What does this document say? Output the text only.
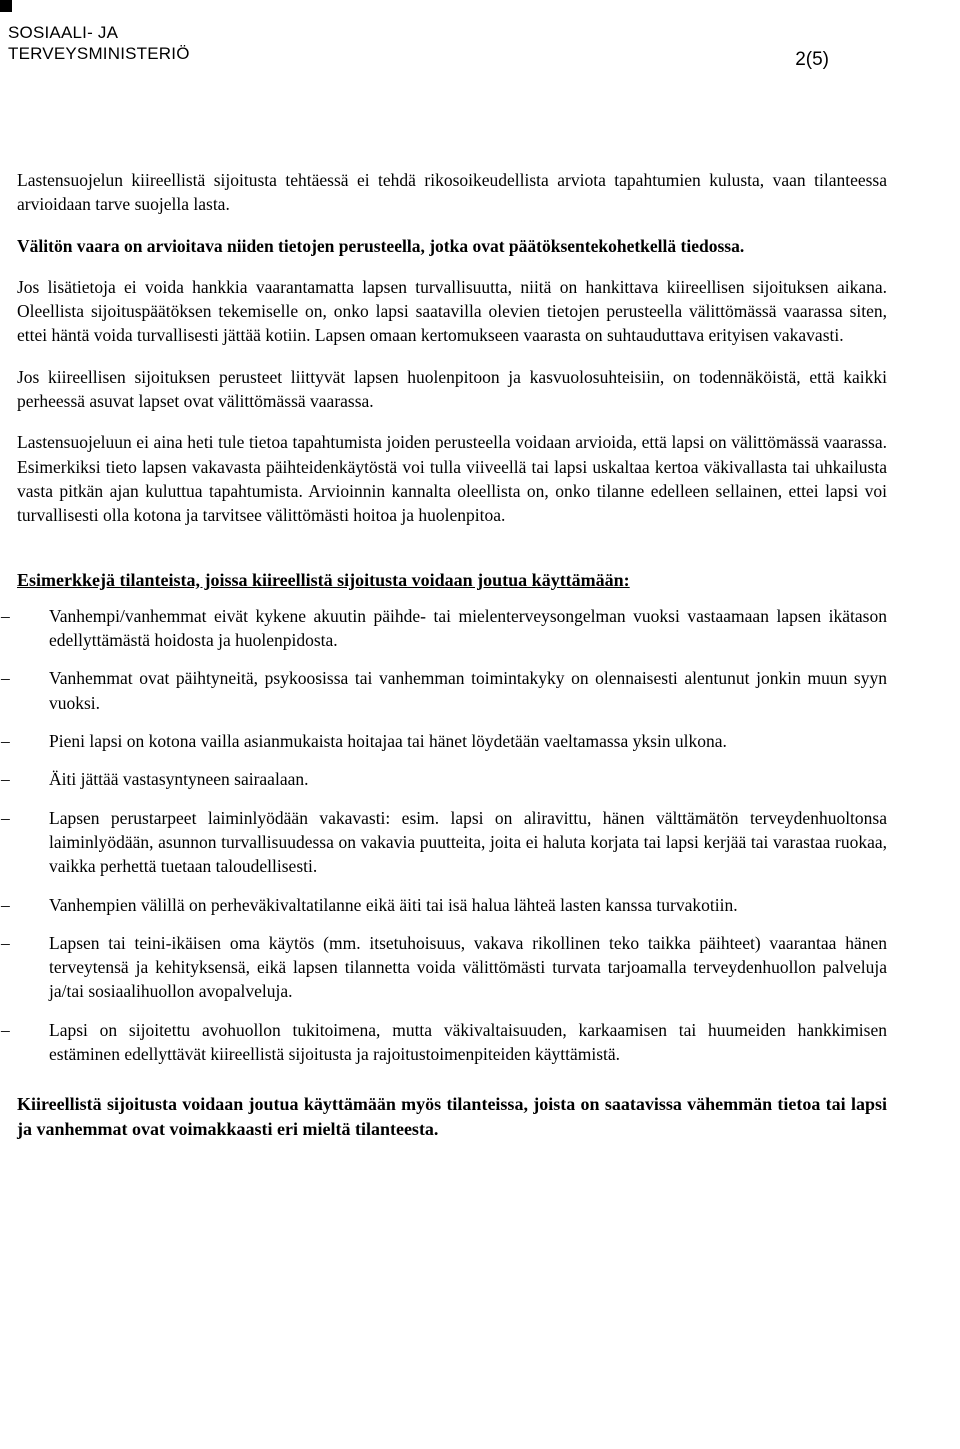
SOSIAALI- JA
TERVEYSMINISTERIÖ	2(5)

Lastensuojelun kiireellistä sijoitusta tehtäessä ei tehdä rikosoikeudellista arviota tapahtumien kulusta, vaan tilanteessa arvioidaan tarve suojella lasta.

Välitön vaara on arvioitava niiden tietojen perusteella, jotka ovat päätöksentekohetkellä tiedossa.

Jos lisätietoja ei voida hankkia vaarantamatta lapsen turvallisuutta, niitä on hankittava kiireellisen sijoituksen aikana. Oleellista sijoituspäätöksen tekemiselle on, onko lapsi saatavilla olevien tietojen perusteella välittömässä vaarassa siten, ettei häntä voida turvallisesti jättää kotiin. Lapsen omaan kertomukseen vaarasta on suhtauduttava erityisen vakavasti.

Jos kiireellisen sijoituksen perusteet liittyvät lapsen huolenpitoon ja kasvuolosuhteisiin, on todennäköistä, että kaikki perheessä asuvat lapset ovat välittömässä vaarassa.

Lastensuojeluun ei aina heti tule tietoa tapahtumista joiden perusteella voidaan arvioida, että lapsi on välittömässä vaarassa. Esimerkiksi tieto lapsen vakavasta päihteidenkäytöstä voi tulla viiveellä tai lapsi uskaltaa kertoa väkivallasta tai uhkailusta vasta pitkän ajan kuluttua tapahtumista. Arvioinnin kannalta oleellista on, onko tilanne edelleen sellainen, ettei lapsi voi turvallisesti olla kotona ja tarvitsee välittömästi hoitoa ja huolenpitoa.

Esimerkkejä tilanteista, joissa kiireellistä sijoitusta voidaan joutua käyttämään:
–	Vanhempi/vanhemmat eivät kykene akuutin päihde- tai mielenterveysongelman vuoksi vastaamaan lapsen ikätason edellyttämästä hoidosta ja huolenpidosta.
–	Vanhemmat ovat päihtyneitä, psykoosissa tai vanhemman toimintakyky on olennaisesti alentunut jonkin muun syyn vuoksi.
–	Pieni lapsi on kotona vailla asianmukaista hoitajaa tai hänet löydetään vaeltamassa yksin ulkona.
–	Äiti jättää vastasyntyneen sairaalaan.
–	Lapsen perustarpeet laiminlyödään vakavasti: esim. lapsi on aliravittu, hänen välttämätön terveydenhuoltonsa laiminlyödään, asunnon turvallisuudessa on vakavia puutteita, joita ei haluta korjata tai lapsi kerjää tai varastaa ruokaa, vaikka perhettä tuetaan taloudellisesti.
–	Vanhempien välillä on perheväkivaltatilanne eikä äiti tai isä halua lähteä lasten kanssa turvakotiin.
–	Lapsen tai teini-ikäisen oma käytös (mm. itsetuhoisuus, vakava rikollinen teko taikka päihteet) vaarantaa hänen terveytensä ja kehityksensä, eikä lapsen tilannetta voida välittömästi turvata tarjoamalla terveydenhuollon palveluja ja/tai sosiaalihuollon avopalveluja.
–	Lapsi on sijoitettu avohuollon tukitoimena, mutta väkivaltaisuuden, karkaamisen tai huumeiden hankkimisen estäminen edellyttävät kiireellistä sijoitusta ja rajoitustoimenpiteiden käyttämistä.

Kiireellistä sijoitusta voidaan joutua käyttämään myös tilanteissa, joista on saatavissa vähemmän tietoa tai lapsi ja vanhemmat ovat voimakkaasti eri mieltä tilanteesta.
